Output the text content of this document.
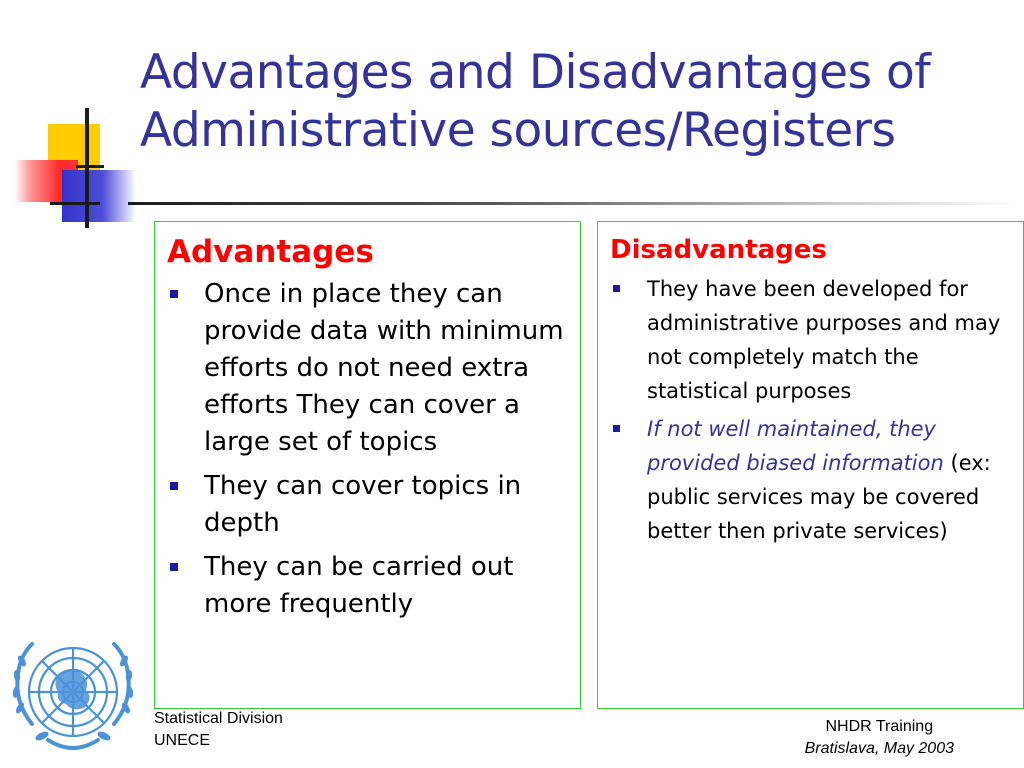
Advantages and Disadvantages of
Administrative sources/Registers
Advantages
Once in place they can provide data with minimum efforts do not need extra efforts They can cover a large set of topics
They can cover topics in depth
They can be carried out more frequently
Disadvantages
They have been developed for administrative purposes and may not completely match the statistical purposes
If not well maintained, they provided biased information (ex: public services may be covered better then private services)
Statistical Division
UNECE
NHDR Training
Bratislava, May 2003
